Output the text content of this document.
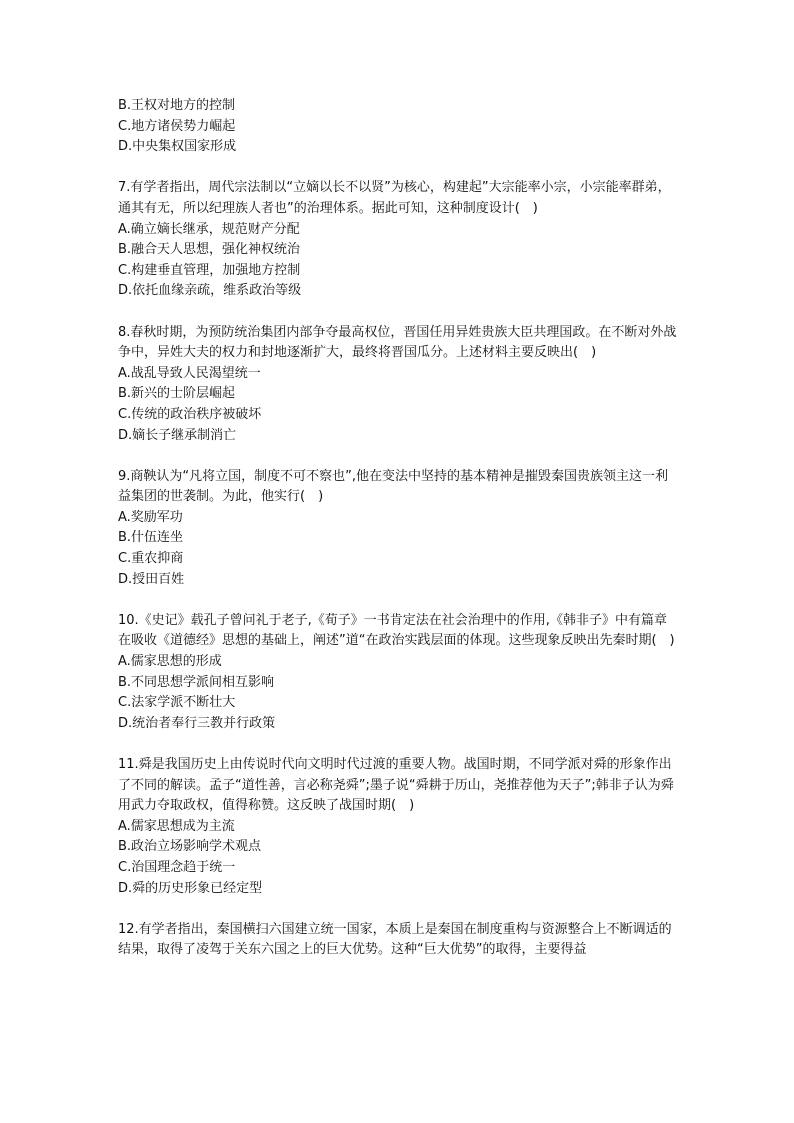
B.王权对地方的控制
C.地方诸侯势力崛起
D.中央集权国家形成
7.有学者指出，周代宗法制以“立嫡以长不以贤”为核心，构建起”大宗能率小宗，小宗能率群弟，通其有无，所以纪理族人者也”的治理体系。据此可知，这种制度设计(　)
A.确立嫡长继承，规范财产分配
B.融合天人思想，强化神权统治
C.构建垂直管理，加强地方控制
D.依托血缘亲疏，维系政治等级
8.春秋时期，为预防统治集团内部争夺最高权位，晋国任用异姓贵族大臣共理国政。在不断对外战争中，异姓大夫的权力和封地逐渐扩大，最终将晋国瓜分。上述材料主要反映出(　)
A.战乱导致人民渴望统一
B.新兴的士阶层崛起
C.传统的政治秩序被破坏
D.嫡长子继承制消亡
9.商鞅认为“凡将立国，制度不可不察也”,他在变法中坚持的基本精神是摧毁秦国贵族领主这一利益集团的世袭制。为此，他实行(　)
A.奖励军功
B.什伍连坐
C.重农抑商
D.授田百姓
10.《史记》载孔子曾问礼于老子,《荀子》一书肯定法在社会治理中的作用,《韩非子》中有篇章在吸收《道德经》思想的基础上，阐述”道“在政治实践层面的体现。这些现象反映出先秦时期(　)
A.儒家思想的形成
B.不同思想学派间相互影响
C.法家学派不断壮大
D.统治者奉行三教并行政策
11.舜是我国历史上由传说时代向文明时代过渡的重要人物。战国时期，不同学派对舜的形象作出了不同的解读。孟子“道性善，言必称尧舜”;墨子说“舜耕于历山，尧推荐他为天子”;韩非子认为舜用武力夺取政权，值得称赞。这反映了战国时期(　)
A.儒家思想成为主流
B.政治立场影响学术观点
C.治国理念趋于统一
D.舜的历史形象已经定型
12.有学者指出，秦国横扫六国建立统一国家，本质上是秦国在制度重构与资源整合上不断调适的结果，取得了凌驾于关东六国之上的巨大优势。这种“巨大优势”的取得，主要得益
